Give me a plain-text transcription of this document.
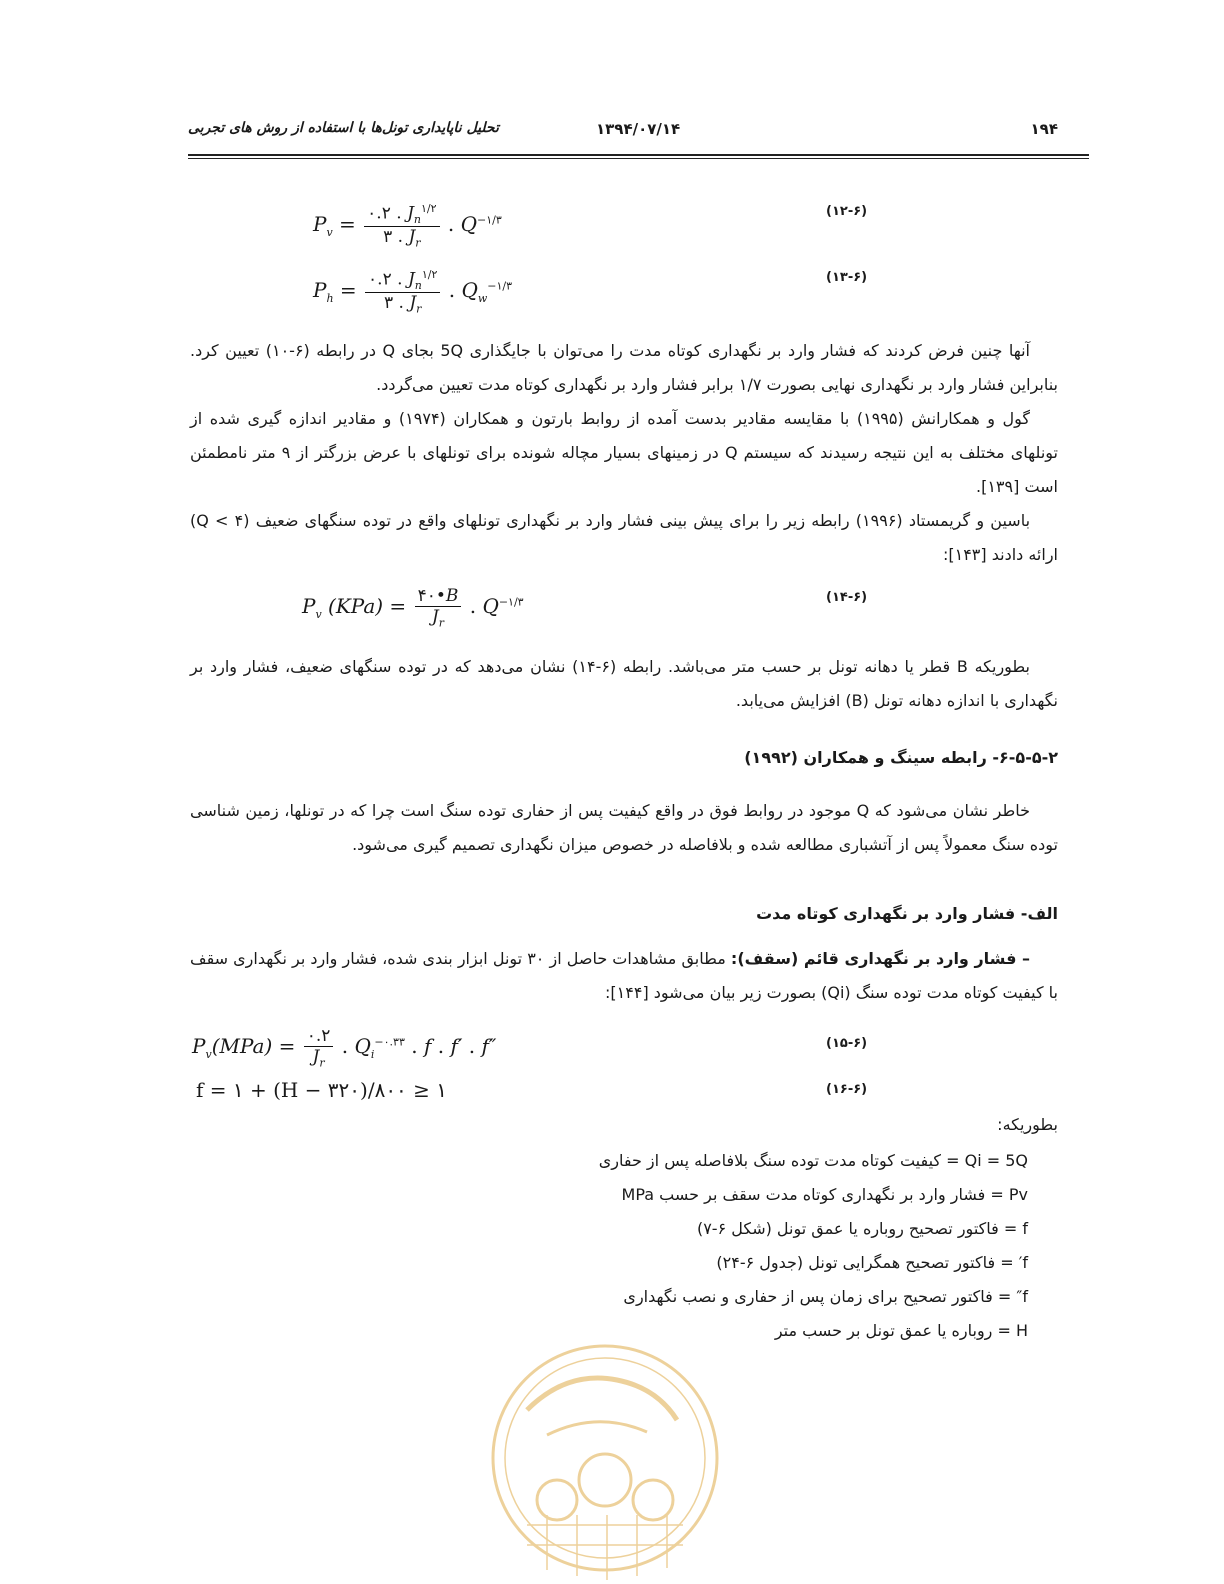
۱۹۴
۱۳۹۴/۰۷/۱۴
تحلیل ناپایداری تونل‌ها با استفاده از روش های تجربی
$P_v = \frac{۰.۲ . J_n^{۱/۲}}{۳ . J_r}$ . $Q^{-۱/۳}$
(۱۲-۶)
$P_h = \frac{۰.۲ . J_n^{۱/۲}}{۳ . J_r}$ . $Q_w^{-۱/۳}$
(۱۳-۶)

آنها چنین فرض کردند که فشار وارد بر نگهداری کوتاه مدت را می‌توان با جایگذاری 5Q بجای Q در رابطه (۶-۱۰) تعیین کرد. بنابراین فشار وارد بر نگهداری نهایی بصورت ۱/۷ برابر فشار وارد بر نگهداری کوتاه مدت تعیین می‌گردد.

گول و همکارانش (۱۹۹۵) با مقایسه مقادیر بدست آمده از روابط بارتون و همکاران (۱۹۷۴) و مقادیر اندازه گیری شده از تونلهای مختلف به این نتیجه رسیدند که سیستم Q در زمینهای بسیار مچاله شونده برای تونلهای با عرض بزرگتر از ۹ متر نامطمئن است [۱۳۹].

باسین و گریمستاد (۱۹۹۶) رابطه زیر را برای پیش بینی فشار وارد بر نگهداری تونلهای واقع در توده سنگهای ضعیف (Q < ۴) ارائه دادند [۱۴۳]:

$P_v$ $(KPa) = \frac{۴۰•B}{J_r}$ . $Q^{-۱/۳}$	(۱۴-۶)

بطوریکه B قطر یا دهانه تونل بر حسب متر می‌باشد. رابطه (۶-۱۴) نشان می‌دهد که در توده سنگهای ضعیف، فشار وارد بر نگهداری با اندازه دهانه تونل (B) افزایش می‌یابد.

۶-۵-۵-۲- رابطه سینگ و همکاران (۱۹۹۲)

خاطر نشان می‌شود که Q موجود در روابط فوق در واقع کیفیت پس از حفاری توده سنگ است چرا که در تونلها، زمین شناسی توده سنگ معمولاً پس از آتشباری مطالعه شده و بلافاصله در خصوص میزان نگهداری تصمیم گیری می‌شود.

الف- فشار وارد بر نگهداری کوتاه مدت

– فشار وارد بر نگهداری قائم (سقف): مطابق مشاهدات حاصل از ۳۰ تونل ابزار بندی شده، فشار وارد بر نگهداری سقف با کیفیت کوتاه مدت توده سنگ (Qi) بصورت زیر بیان می‌شود [۱۴۴]:

$P_v(MPa) = \frac{۰.۲}{J_r}$ . $Q_i^{-۰.۳۳}$ . f . f′ . f″	(۱۵-۶)
f = ۱ + (H − ۳۲۰)/۸۰۰ ≥ ۱	(۱۶-۶)

بطوریکه:

Qi = 5Q = کیفیت کوتاه مدت توده سنگ بلافاصله پس از حفاری
Pv = فشار وارد بر نگهداری کوتاه مدت سقف بر حسب MPa
f = فاکتور تصحیح روباره یا عمق تونل (شکل ۶-۷)
f′ = فاکتور تصحیح همگرایی تونل (جدول ۶-۲۴)
f″ = فاکتور تصحیح برای زمان پس از حفاری و نصب نگهداری
H = روباره یا عمق تونل بر حسب متر
